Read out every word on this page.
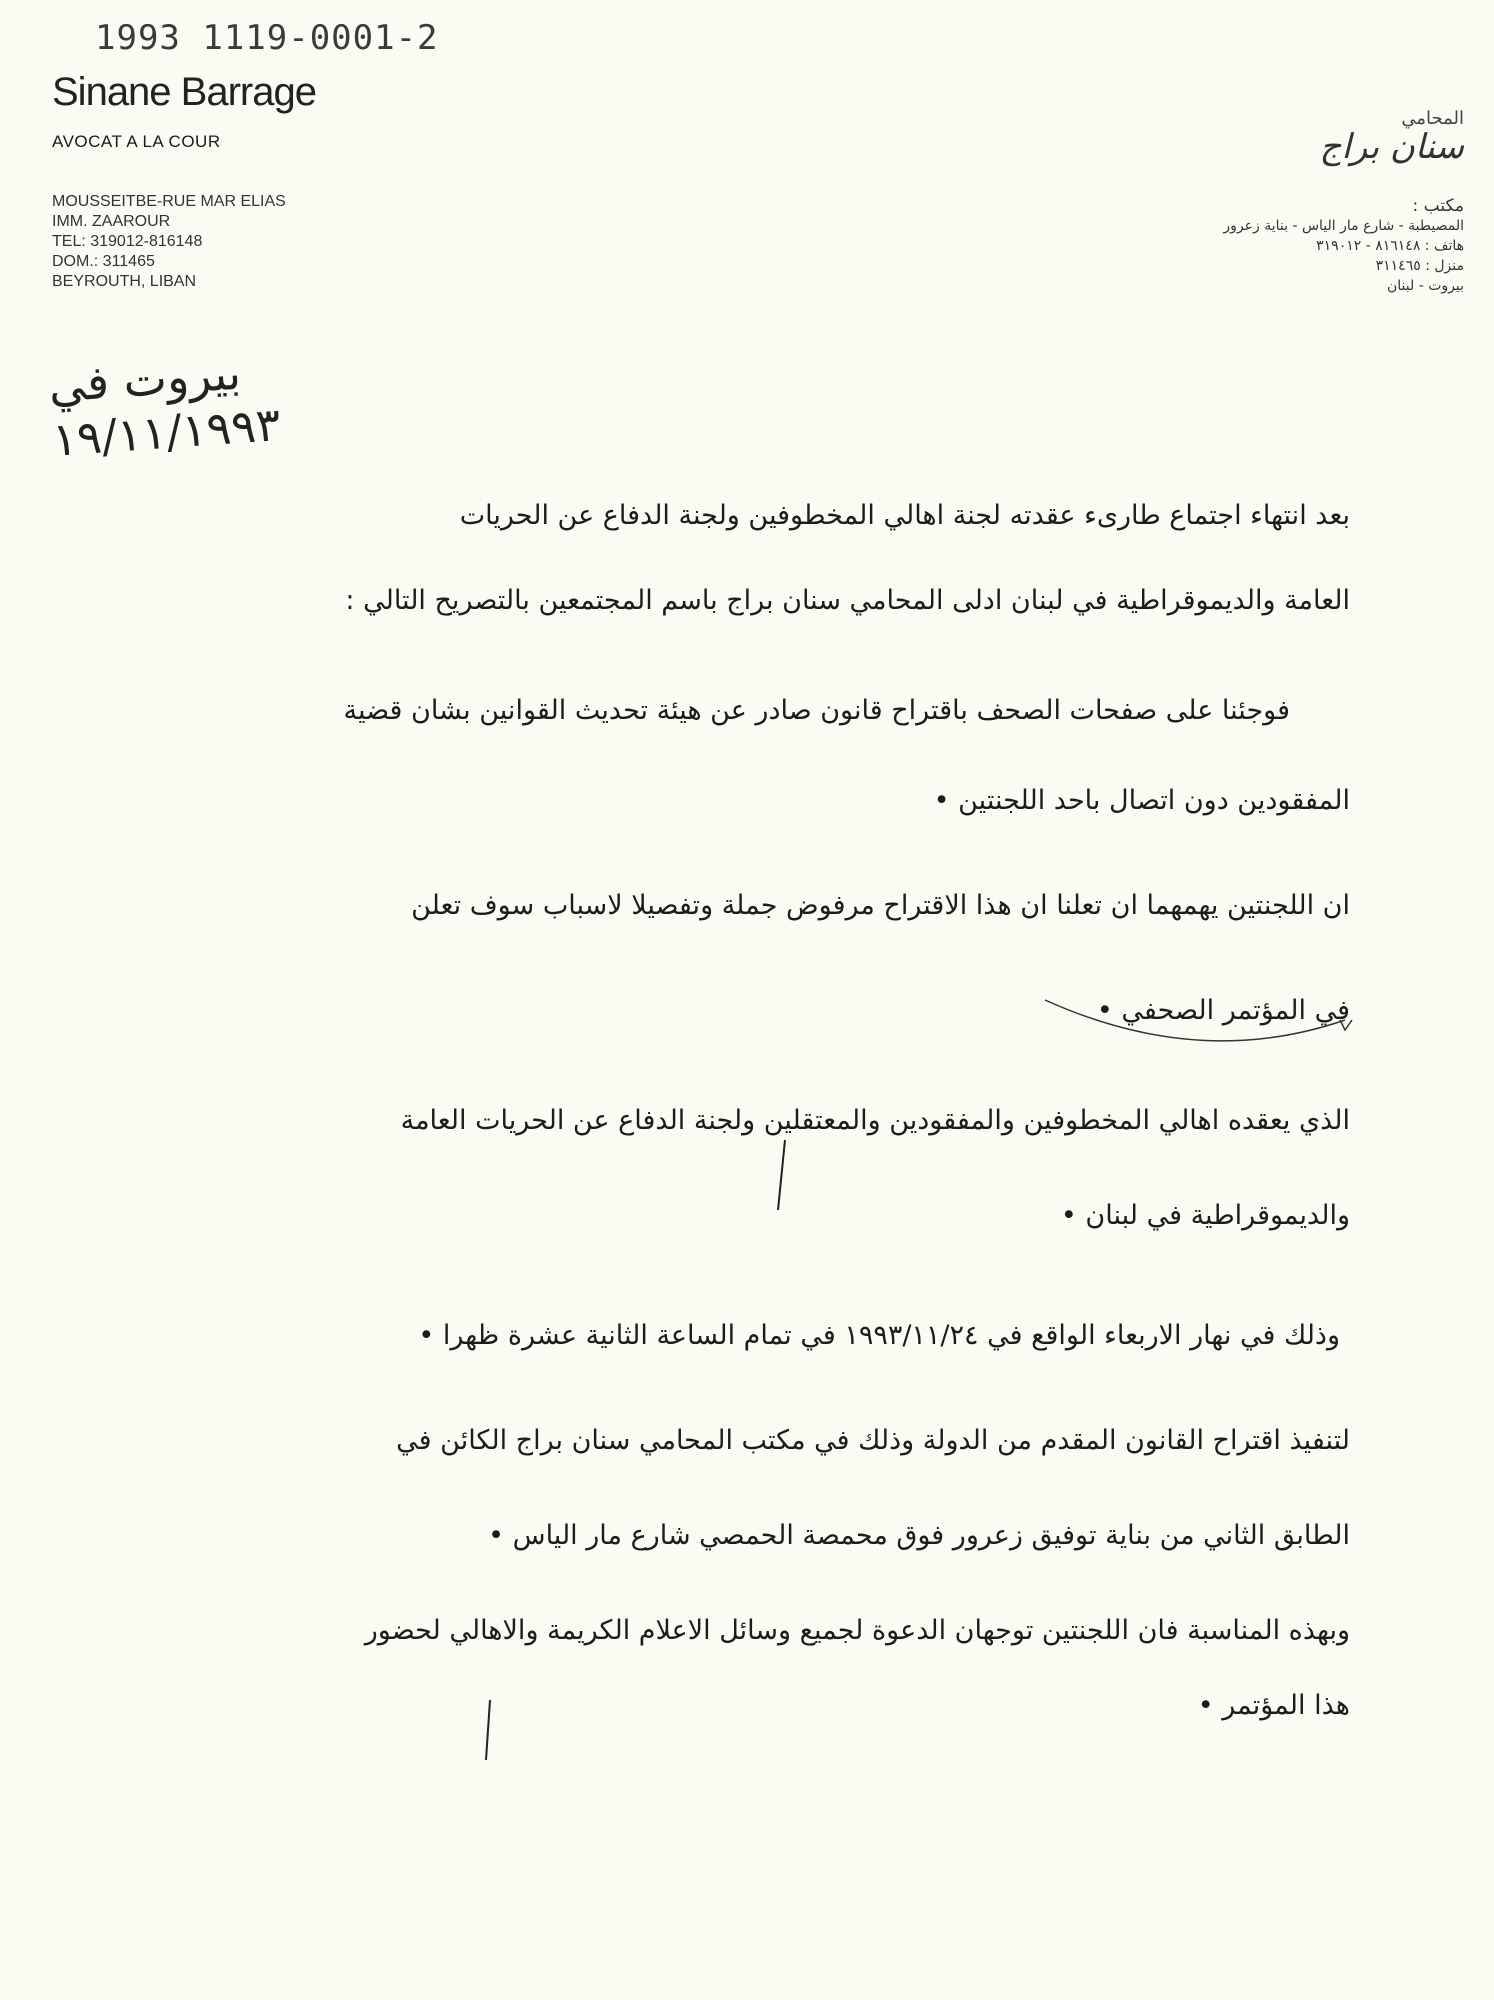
1993 1119-0001-2
Sinane Barrage
AVOCAT A LA COUR
MOUSSEITBE-RUE MAR ELIAS
IMM. ZAAROUR
TEL: 319012-816148
DOM.: 311465
BEYROUTH, LIBAN
المحامي
سنان براج
مكتب :
المصيطبة - شارع مار الياس - بناية زعرور
هاتف : ٨١٦١٤٨ - ٣١٩٠١٢
منزل : ٣١١٤٦٥
بيروت - لبنان
بيروت في ١٩/١١/١٩٩٣
بعد انتهاء اجتماع طارىء عقدته لجنة اهالي المخطوفين ولجنة الدفاع عن الحريات
العامة والديموقراطية في لبنان ادلى المحامي سنان براج باسم المجتمعين بالتصريح التالي :
فوجئنا على صفحات الصحف باقتراح قانون صادر عن هيئة تحديث القوانين بشان قضية
المفقودين دون اتصال باحد اللجنتين •
ان اللجنتين يهمهما ان تعلنا ان هذا الاقتراح مرفوض جملة وتفصيلا لاسباب سوف تعلن
في المؤتمر الصحفي •
الذي يعقده اهالي المخطوفين والمفقودين والمعتقلين ولجنة الدفاع عن الحريات العامة
والديموقراطية في لبنان •
وذلك في نهار الاربعاء الواقع في ١٩٩٣/١١/٢٤ في تمام الساعة الثانية عشرة ظهرا •
لتنفيذ اقتراح القانون المقدم من الدولة وذلك في مكتب المحامي سنان براج الكائن في
الطابق الثاني من بناية توفيق زعرور فوق محمصة الحمصي شارع مار الياس •
وبهذه المناسبة فان اللجنتين توجهان الدعوة لجميع وسائل الاعلام الكريمة والاهالي لحضور
هذا المؤتمر •
